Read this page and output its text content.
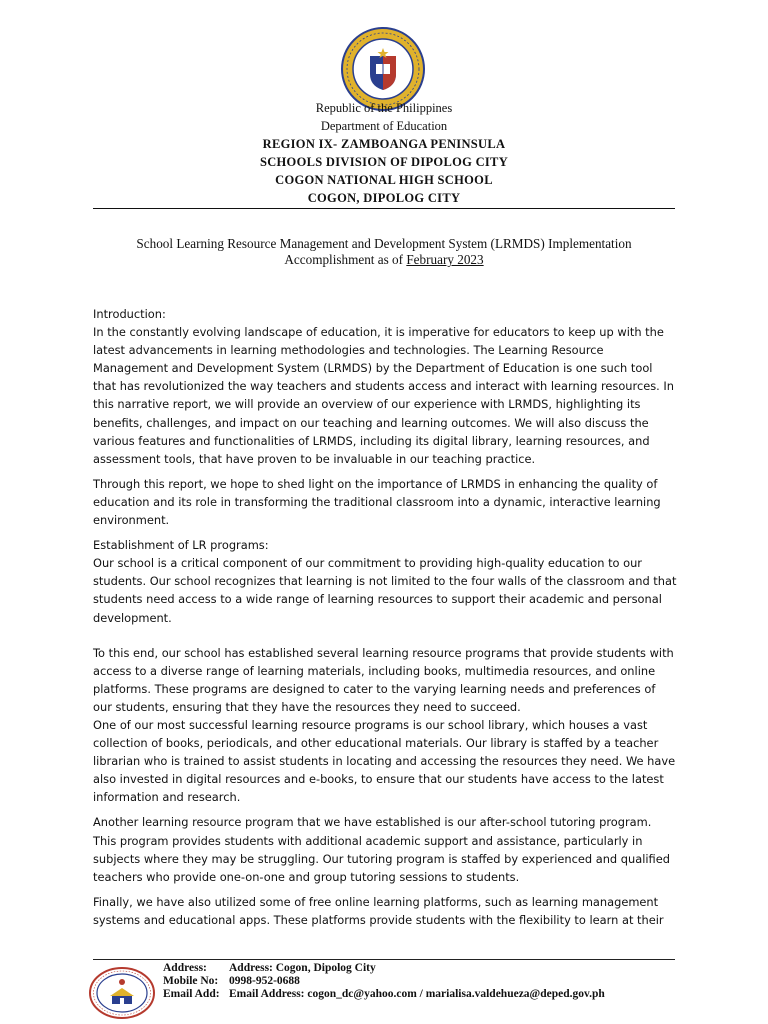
Republic of the Philippines
Department of Education
REGION IX- ZAMBOANGA PENINSULA
SCHOOLS DIVISION OF DIPOLOG CITY
COGON NATIONAL HIGH SCHOOL
COGON, DIPOLOG CITY
School Learning Resource Management and Development System (LRMDS) Implementation
Accomplishment as of February 2023

Introduction:

In the constantly evolving landscape of education, it is imperative for educators to keep up with the latest advancements in learning methodologies and technologies. The Learning Resource Management and Development System (LRMDS) by the Department of Education is one such tool that has revolutionized the way teachers and students access and interact with learning resources. In this narrative report, we will provide an overview of our experience with LRMDS, highlighting its benefits, challenges, and impact on our teaching and learning outcomes. We will also discuss the various features and functionalities of LRMDS, including its digital library, learning resources, and assessment tools, that have proven to be invaluable in our teaching practice.

Through this report, we hope to shed light on the importance of LRMDS in enhancing the quality of education and its role in transforming the traditional classroom into a dynamic, interactive learning environment.

Establishment of LR programs:

Our school is a critical component of our commitment to providing high-quality education to our students. Our school recognizes that learning is not limited to the four walls of the classroom and that students need access to a wide range of learning resources to support their academic and personal development.

To this end, our school has established several learning resource programs that provide students with access to a diverse range of learning materials, including books, multimedia resources, and online platforms. These programs are designed to cater to the varying learning needs and preferences of our students, ensuring that they have the resources they need to succeed.

One of our most successful learning resource programs is our school library, which houses a vast collection of books, periodicals, and other educational materials. Our library is staffed by a teacher librarian who is trained to assist students in locating and accessing the resources they need. We have also invested in digital resources and e-books, to ensure that our students have access to the latest information and research.

Another learning resource program that we have established is our after-school tutoring program. This program provides students with additional academic support and assistance, particularly in subjects where they may be struggling. Our tutoring program is staffed by experienced and qualified teachers who provide one-on-one and group tutoring sessions to students.

Finally, we have also utilized some of free online learning platforms, such as learning management systems and educational apps. These platforms provide students with the flexibility to learn at their

Address: Address: Cogon, Dipolog City
Mobile No: 0998-952-0688
Email Add: Email Address: cogon_dc@yahoo.com / marialisa.valdehueza@deped.gov.ph
